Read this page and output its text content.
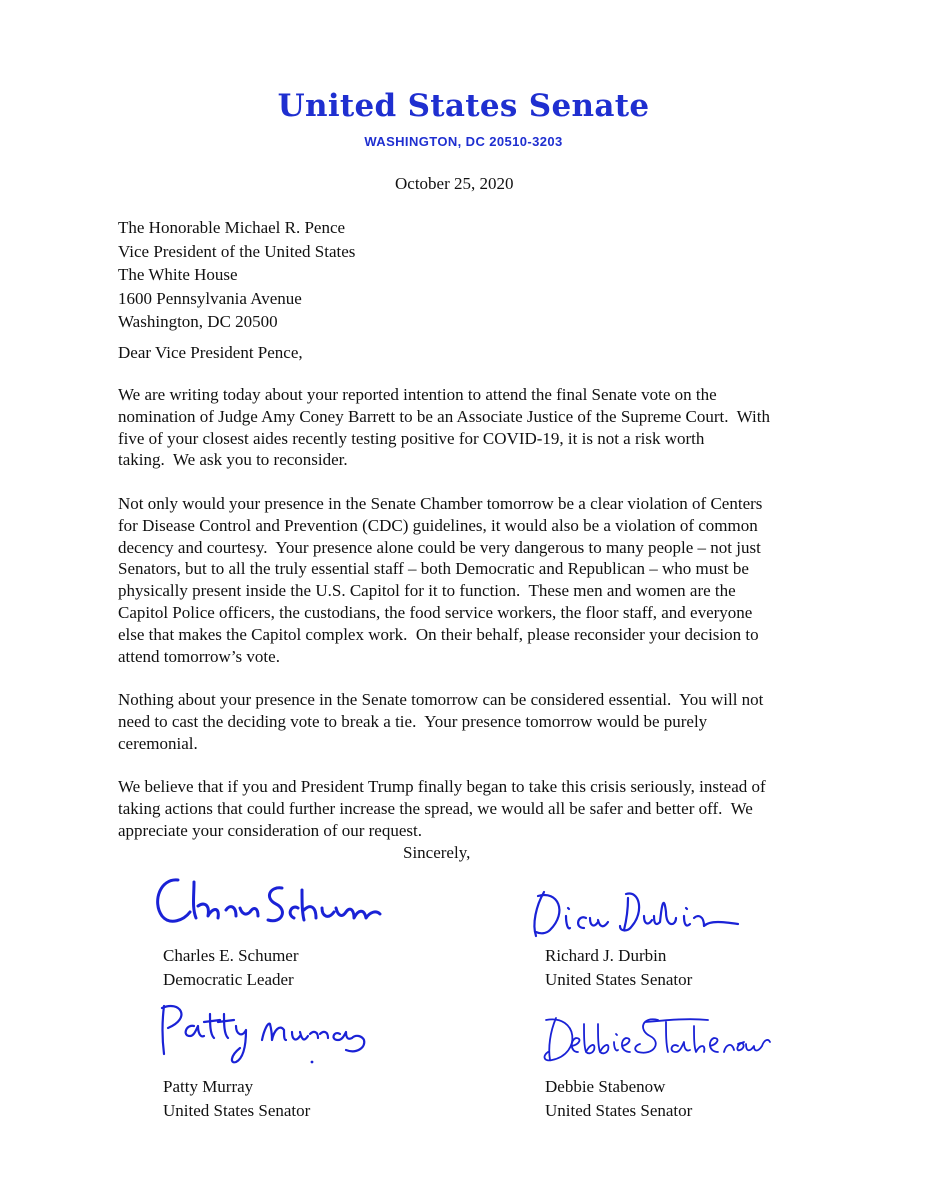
United States Senate
WASHINGTON, DC 20510-3203
October 25, 2020
The Honorable Michael R. Pence
Vice President of the United States
The White House
1600 Pennsylvania Avenue
Washington, DC 20500
Dear Vice President Pence,

We are writing today about your reported intention to attend the final Senate vote on the
nomination of Judge Amy Coney Barrett to be an Associate Justice of the Supreme Court.  With
five of your closest aides recently testing positive for COVID-19, it is not a risk worth
taking.  We ask you to reconsider.

Not only would your presence in the Senate Chamber tomorrow be a clear violation of Centers
for Disease Control and Prevention (CDC) guidelines, it would also be a violation of common
decency and courtesy.  Your presence alone could be very dangerous to many people – not just
Senators, but to all the truly essential staff – both Democratic and Republican – who must be
physically present inside the U.S. Capitol for it to function.  These men and women are the
Capitol Police officers, the custodians, the food service workers, the floor staff, and everyone
else that makes the Capitol complex work.  On their behalf, please reconsider your decision to
attend tomorrow’s vote.

Nothing about your presence in the Senate tomorrow can be considered essential.  You will not
need to cast the deciding vote to break a tie.  Your presence tomorrow would be purely
ceremonial.

We believe that if you and President Trump finally began to take this crisis seriously, instead of
taking actions that could further increase the spread, we would all be safer and better off.  We
appreciate your consideration of our request.

Sincerely,
Charles E. Schumer
Democratic Leader
Richard J. Durbin
United States Senator
Patty Murray
United States Senator
Debbie Stabenow
United States Senator
